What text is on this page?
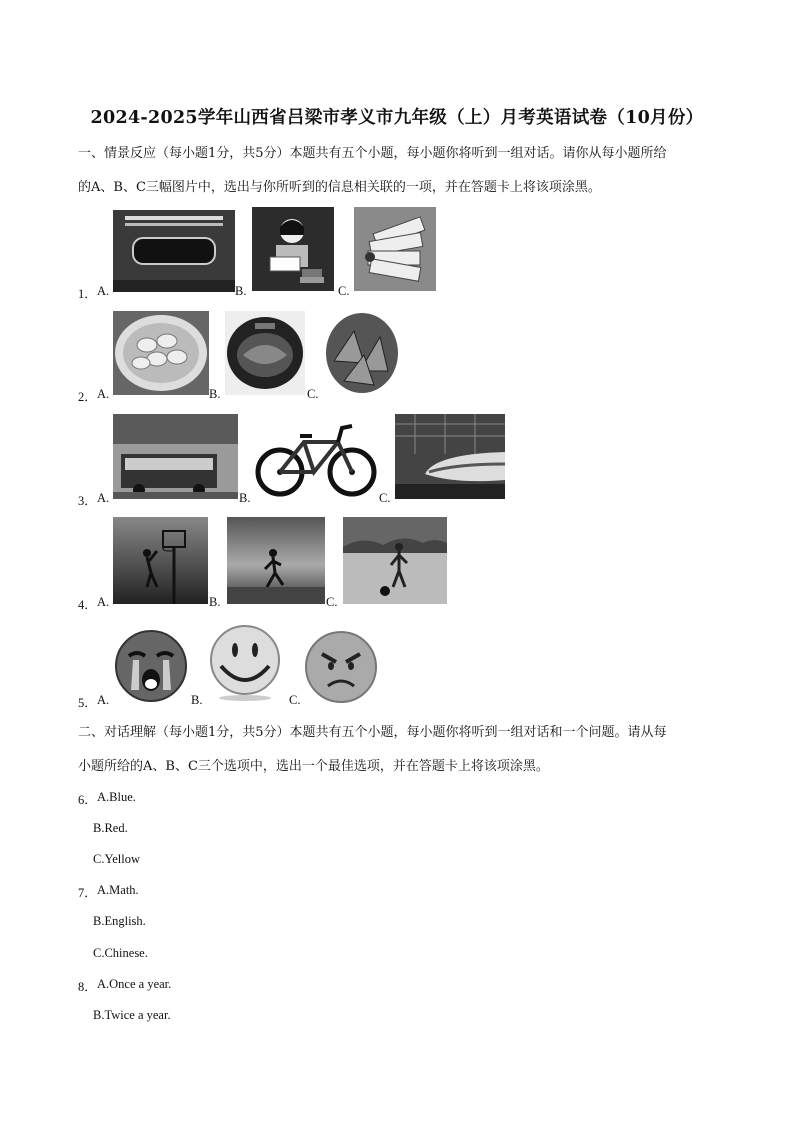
2024-2025学年山西省吕梁市孝义市九年级（上）月考英语试卷（10月份）

一、情景反应（每小题1分，共5分）本题共有五个小题，每小题你将听到一组对话。请你从每小题所给

的A、B、C三幅图片中，选出与你所听到的信息相关联的一项，并在答题卡上将该项涂黑。

1． A.	B.	C.
2． A.	B.	C.
3． A.	B.	C.
4． A.	B.	C.
5． A.	B.	C.

二、对话理解（每小题1分，共5分）本题共有五个小题，每小题你将听到一组对话和一个问题。请从每

小题所给的A、B、C三个选项中，选出一个最佳选项，并在答题卡上将该项涂黑。

6． A.Blue.
B.Red.
C.Yellow
7． A.Math.
B.English.
C.Chinese.
8． A.Once a year.
B.Twice a year.
